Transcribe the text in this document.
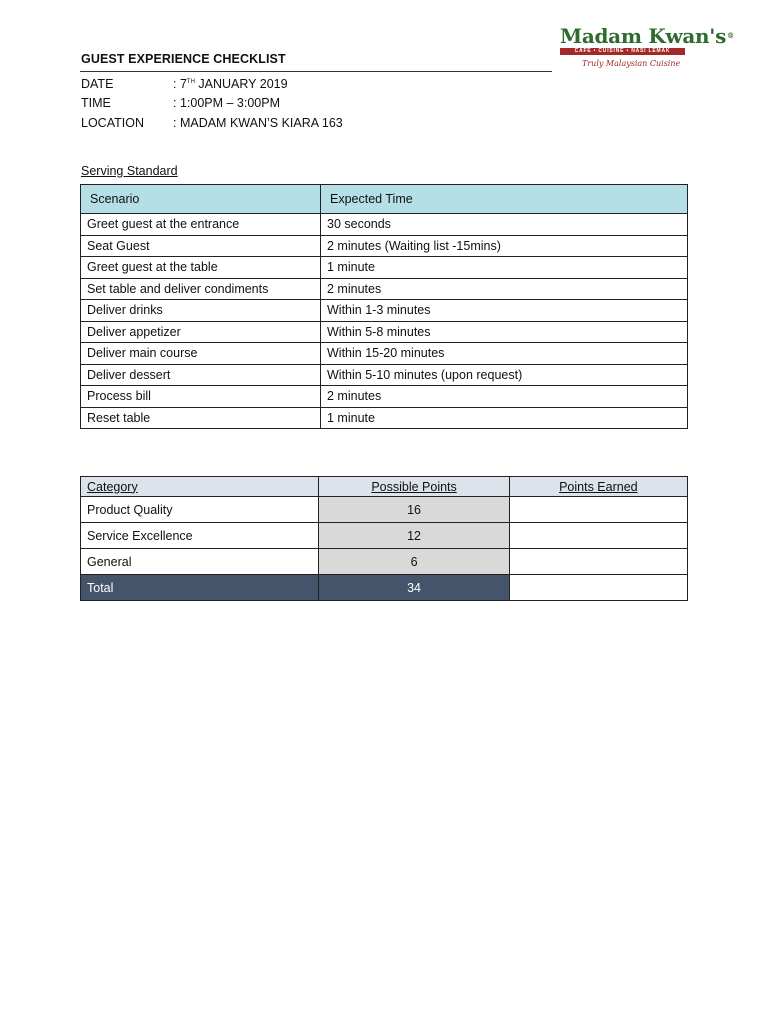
Madam Kwan's®
CAFE • CUISINE • NASI LEMAK
Truly Malaysian Cuisine
GUEST EXPERIENCE CHECKLIST
DATE	: 7TH JANUARY 2019
TIME	: 1:00PM – 3:00PM
LOCATION : MADAM KWAN’S KIARA 163
Serving Standard
Scenario	Expected Time
Greet guest at the entrance	30 seconds
Seat Guest	2 minutes (Waiting list -15mins)
Greet guest at the table	1 minute
Set table and deliver condiments	2 minutes
Deliver drinks	Within 1-3 minutes
Deliver appetizer	Within 5-8 minutes
Deliver main course	Within 15-20 minutes
Deliver dessert	Within 5-10 minutes (upon request)
Process bill	2 minutes
Reset table	1 minute
Category	Possible Points	Points Earned
Product Quality	16	
Service Excellence	12	
General	6	
Total	34	
